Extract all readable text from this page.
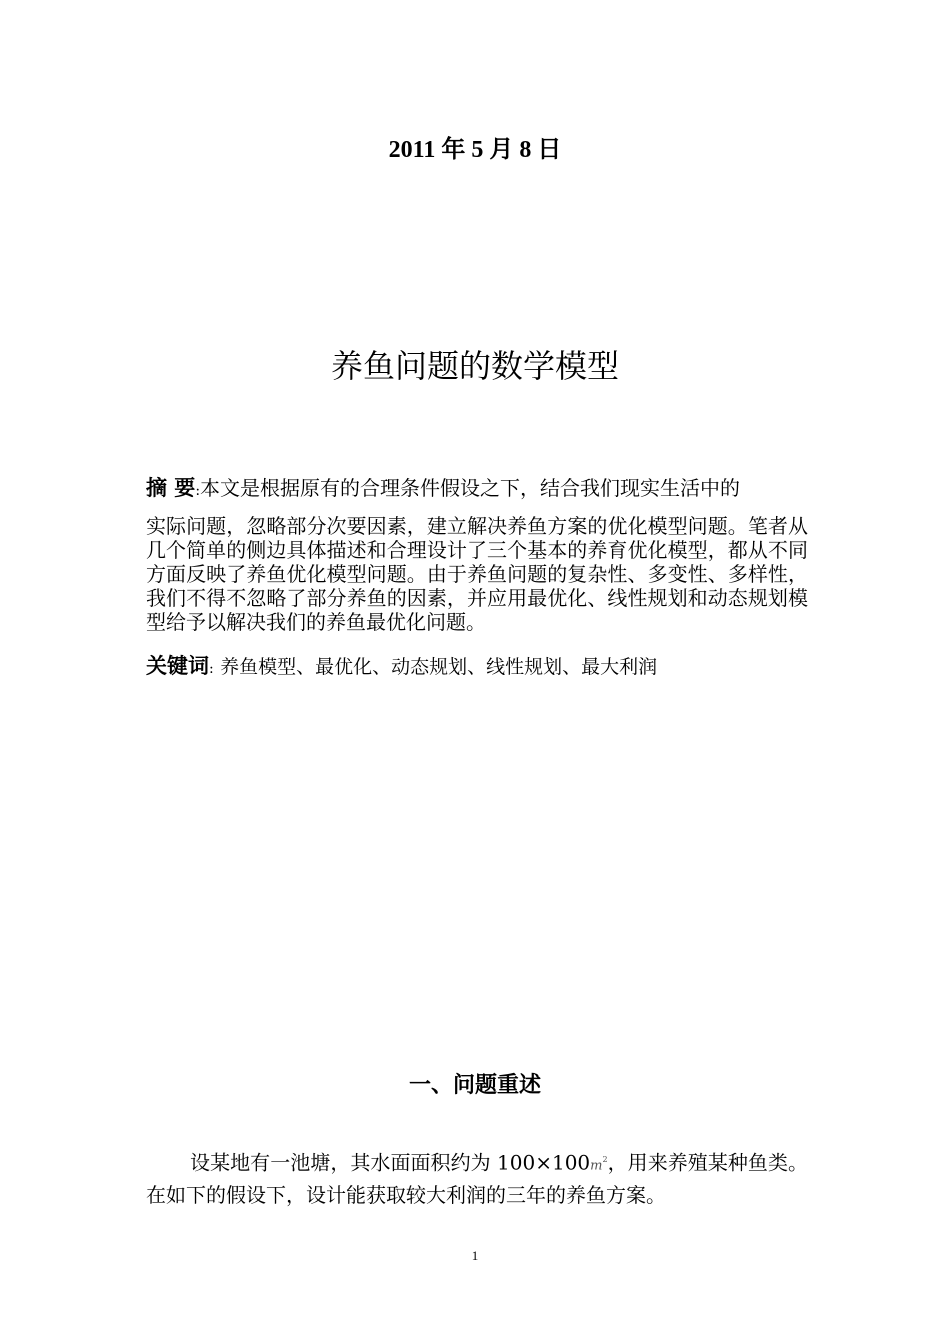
2011 年 5 月 8 日
养鱼问题的数学模型
摘 要:本文是根据原有的合理条件假设之下，结合我们现实生活中的
实际问题，忽略部分次要因素，建立解决养鱼方案的优化模型问题。笔者从几个简单的侧边具体描述和合理设计了三个基本的养育优化模型，都从不同方面反映了养鱼优化模型问题。由于养鱼问题的复杂性、多变性、多样性，我们不得不忽略了部分养鱼的因素，并应用最优化、线性规划和动态规划模型给予以解决我们的养鱼最优化问题。
关键词: 养鱼模型、最优化、动态规划、线性规划、最大利润
一、问题重述
设某地有一池塘，其水面面积约为 $100\times 100m^2$，用来养殖某种鱼类。在如下的假设下，设计能获取较大利润的三年的养鱼方案。
1
